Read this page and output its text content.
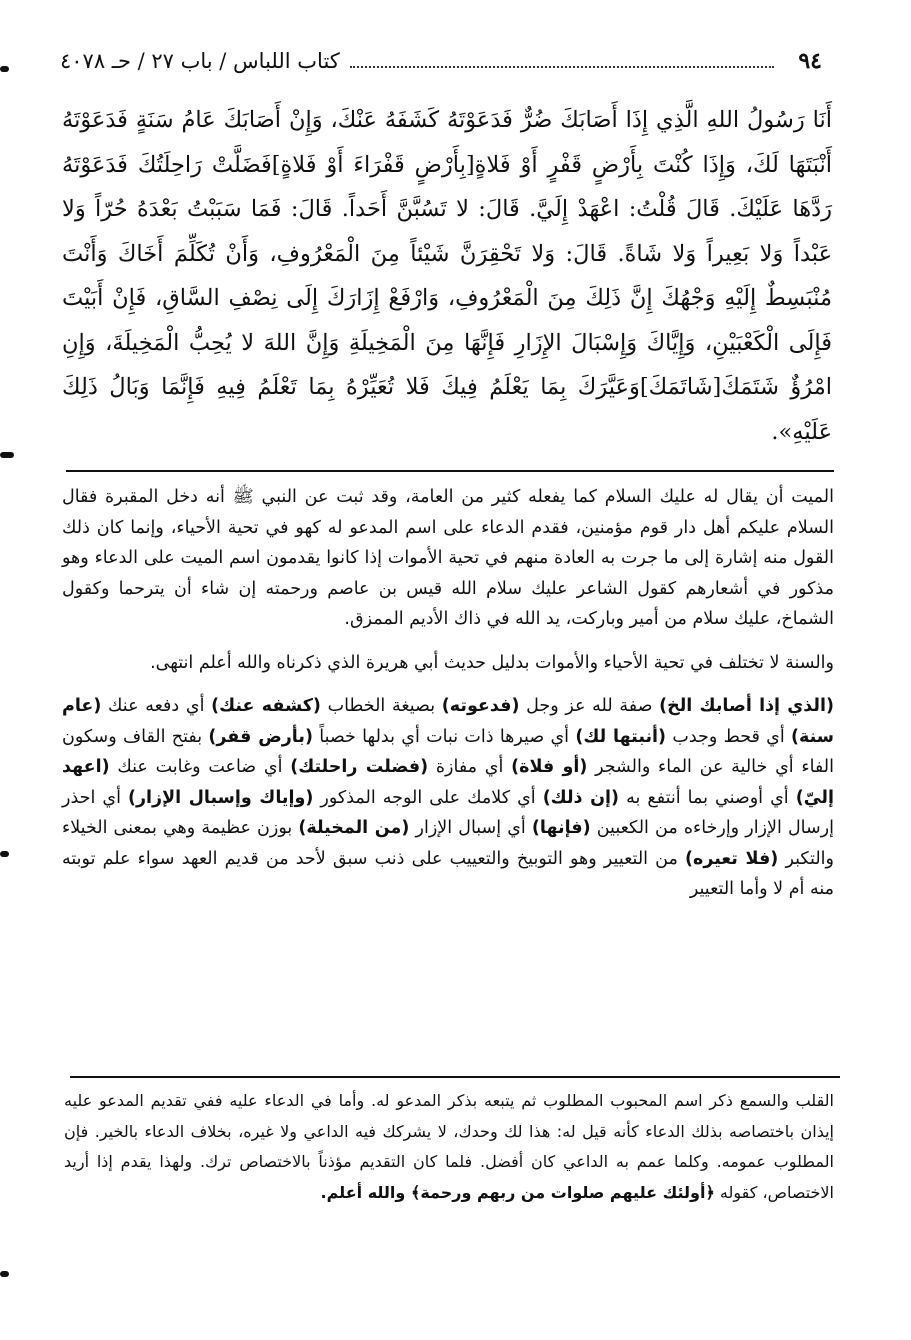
٩٤
كتاب اللباس / باب ٢٧ / حـ ٤٠٧٨

أَنَا رَسُولُ اللهِ الَّذِي إِذَا أَصَابَكَ ضُرٌّ فَدَعَوْتَهُ كَشَفَهُ عَنْكَ، وَإِنْ أَصَابَكَ عَامُ سَنَةٍ فَدَعَوْتَهُ أَنْبَتَهَا لَكَ، وَإِذَا كُنْتَ بِأَرْضٍ قَفْرٍ أَوْ فَلاةٍ[بِأَرْضٍ قَفْرَاءَ أَوْ فَلاةٍ]فَضَلَّتْ رَاحِلَتُكَ فَدَعَوْتَهُ رَدَّهَا عَلَيْكَ. قَالَ قُلْتُ: اعْهَدْ إِلَيَّ. قَالَ: لا تَسُبَّنَّ أَحَداً. قَالَ: فَمَا سَبَبْتُ بَعْدَهُ حُرّاً وَلا عَبْداً وَلا بَعِيراً وَلا شَاةً. قَالَ: وَلا تَحْقِرَنَّ شَيْئاً مِنَ الْمَعْرُوفِ، وَأَنْ تُكَلِّمَ أَخَاكَ وَأَنْتَ مُنْبَسِطٌ إِلَيْهِ وَجْهُكَ إِنَّ ذَلِكَ مِنَ الْمَعْرُوفِ، وَارْفَعْ إِزَارَكَ إِلَى نِصْفِ السَّاقِ، فَإِنْ أَبَيْتَ فَإِلَى الْكَعْبَيْنِ، وَإِيَّاكَ وَإِسْبَالَ الإِزَارِ فَإِنَّهَا مِنَ الْمَخِيلَةِ وَإِنَّ اللهَ لا يُحِبُّ الْمَخِيلَةَ، وَإِنِ امْرُؤٌ شَتَمَكَ[شَاتَمَكَ]وَعَيَّرَكَ بِمَا يَعْلَمُ فِيكَ فَلا تُعَيِّرْهُ بِمَا تَعْلَمُ فِيهِ فَإِنَّمَا وَبَالُ ذَلِكَ عَلَيْهِ».

الميت أن يقال له عليك السلام كما يفعله كثير من العامة، وقد ثبت عن النبي ﷺ أنه دخل المقبرة فقال السلام عليكم أهل دار قوم مؤمنين، فقدم الدعاء على اسم المدعو له كهو في تحية الأحياء، وإنما كان ذلك القول منه إشارة إلى ما جرت به العادة منهم في تحية الأموات إذا كانوا يقدمون اسم الميت على الدعاء وهو مذكور في أشعارهم كقول الشاعر عليك سلام الله قيس بن عاصم ورحمته إن شاء أن يترحما وكقول الشماخ، عليك سلام من أمير وباركت، يد الله في ذاك الأديم الممزق.

والسنة لا تختلف في تحية الأحياء والأموات بدليل حديث أبي هريرة الذي ذكرناه والله أعلم انتهى.

(الذي إذا أصابك الخ) صفة لله عز وجل (فدعوته) بصيغة الخطاب (كشفه عنك) أي دفعه عنك (عام سنة) أي قحط وجدب (أنبتها لك) أي صيرها ذات نبات أي بدلها خصباً (بأرض قفر) بفتح القاف وسكون الفاء أي خالية عن الماء والشجر (أو فلاة) أي مفازة (فضلت راحلتك) أي ضاعت وغابت عنك (اعهد إليّ) أي أوصني بما أنتفع به (إن ذلك) أي كلامك على الوجه المذكور (وإياك وإسبال الإزار) أي احذر إرسال الإزار وإرخاءه من الكعبين (فإنها) أي إسبال الإزار (من المخيلة) بوزن عظيمة وهي بمعنى الخيلاء والتكبر (فلا تعيره) من التعيير وهو التوبيخ والتعييب على ذنب سبق لأحد من قديم العهد سواء علم توبته منه أم لا وأما التعيير

القلب والسمع ذكر اسم المحبوب المطلوب ثم يتبعه بذكر المدعو له. وأما في الدعاء عليه ففي تقديم المدعو عليه إيذان باختصاصه بذلك الدعاء كأنه قيل له: هذا لك وحدك، لا يشركك فيه الداعي ولا غيره، بخلاف الدعاء بالخير. فإن المطلوب عمومه. وكلما عمم به الداعي كان أفضل. فلما كان التقديم مؤذناً بالاختصاص ترك. ولهذا يقدم إذا أريد الاختصاص، كقوله ﴿أولئك عليهم صلوات من ربهم ورحمة﴾ والله أعلم.
